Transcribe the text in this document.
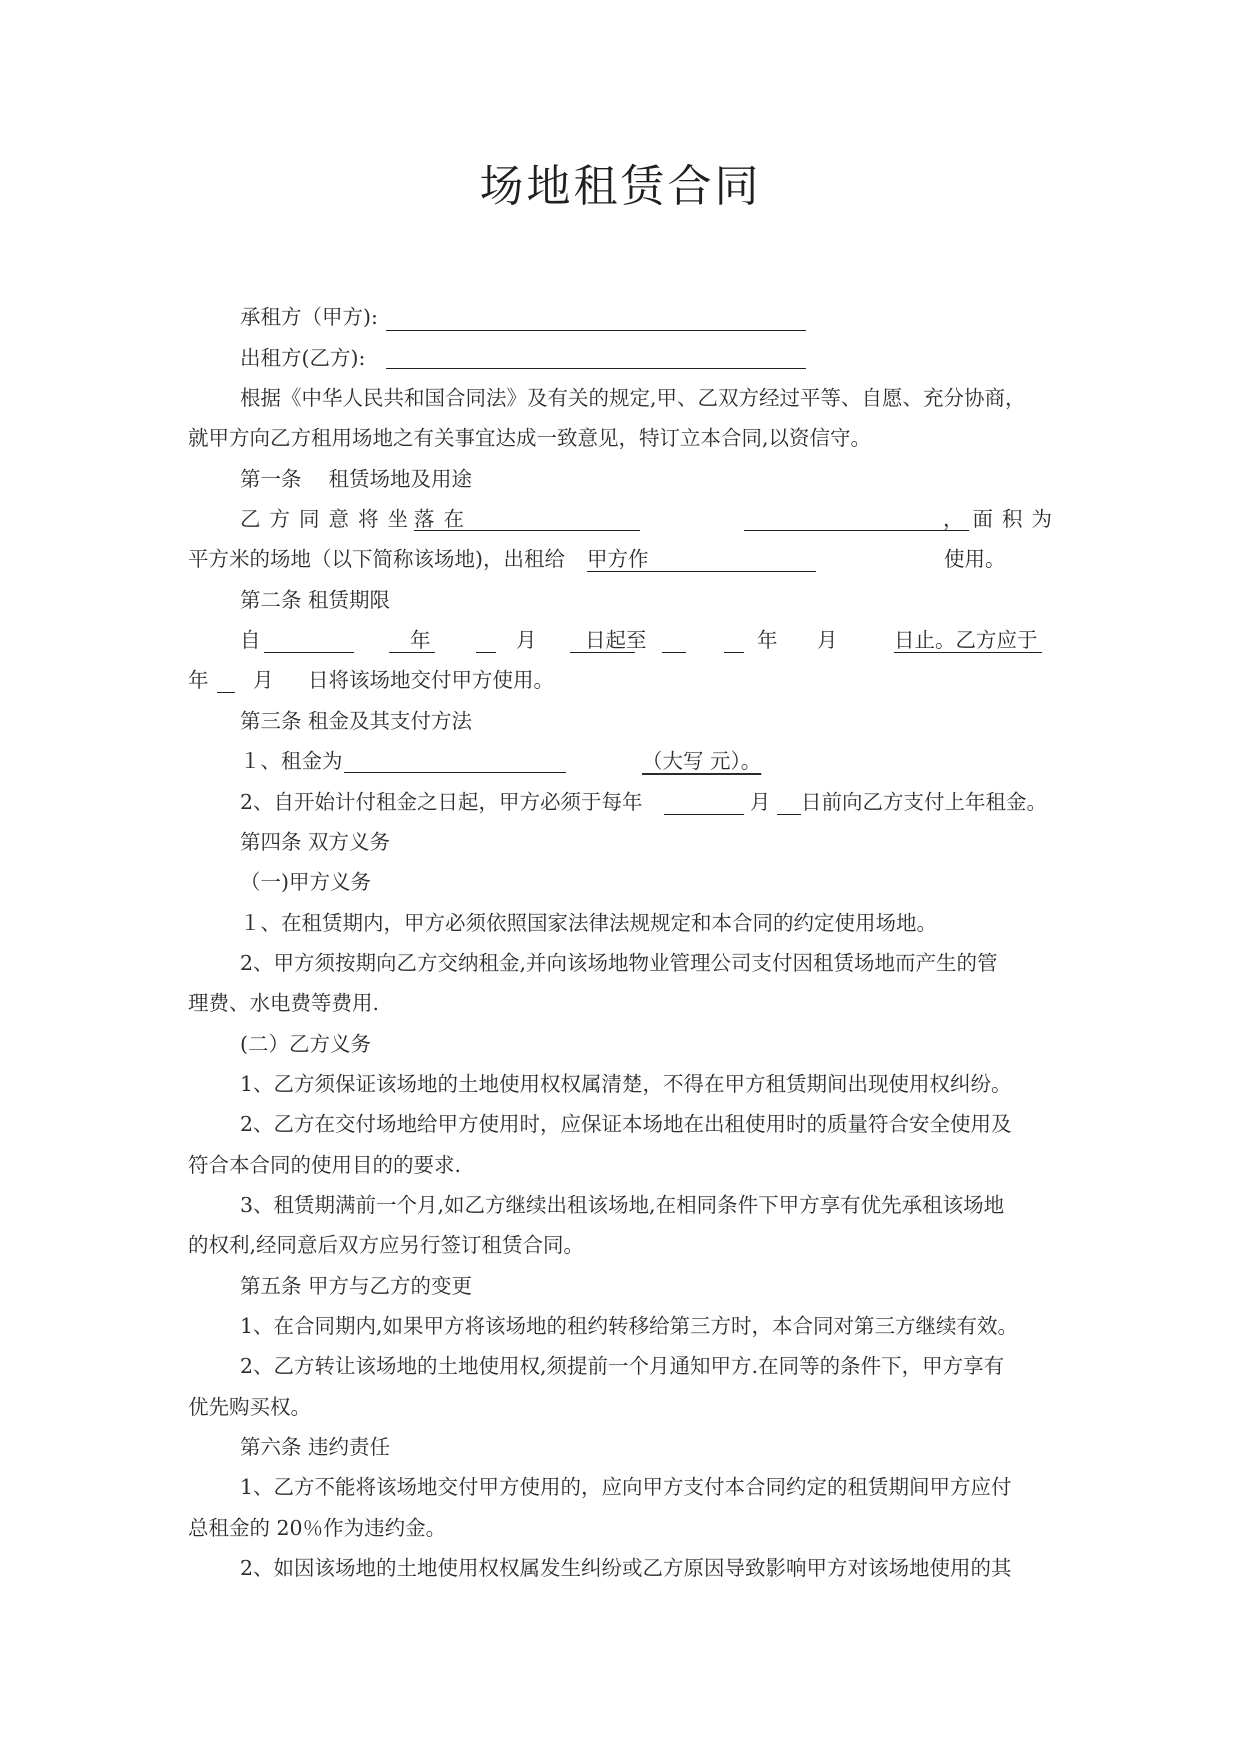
场地租赁合同
承租方（甲方):
出租方(乙方):
根据《中华人民共和国合同法》及有关的规定,甲、乙双方经过平等、自愿、充分协商，
就甲方向乙方租用场地之有关事宜达成一致意见，特订立本合同,以资信守。
第一条　 租赁场地及用途
乙方同意将坐
落在	，面积为
平方米的场地（以下简称该场地)，出租给 甲方作	使用。
第二条 租赁期限
自	年	月 日起至	年 月	日止。乙方应于
年 月 日将该场地交付甲方使用。
第三条 租金及其支付方法
１、租金为	（大写 元）。
2、自开始计付租金之日起，甲方必须于每年	月 日前向乙方支付上年租金。
第四条 双方义务
（一)甲方义务
１、在租赁期内，甲方必须依照国家法律法规规定和本合同的约定使用场地。
2、甲方须按期向乙方交纳租金,并向该场地物业管理公司支付因租赁场地而产生的管
理费、水电费等费用.
(二）乙方义务
1、乙方须保证该场地的土地使用权权属清楚，不得在甲方租赁期间出现使用权纠纷。
2、乙方在交付场地给甲方使用时，应保证本场地在出租使用时的质量符合安全使用及
符合本合同的使用目的的要求.
3、租赁期满前一个月,如乙方继续出租该场地,在相同条件下甲方享有优先承租该场地
的权利,经同意后双方应另行签订租赁合同。
第五条 甲方与乙方的变更
1、在合同期内,如果甲方将该场地的租约转移给第三方时，本合同对第三方继续有效。
2、乙方转让该场地的土地使用权,须提前一个月通知甲方.在同等的条件下，甲方享有
优先购买权。
第六条 违约责任
1、乙方不能将该场地交付甲方使用的，应向甲方支付本合同约定的租赁期间甲方应付
总租金的 20％作为违约金。
2、如因该场地的土地使用权权属发生纠纷或乙方原因导致影响甲方对该场地使用的其
